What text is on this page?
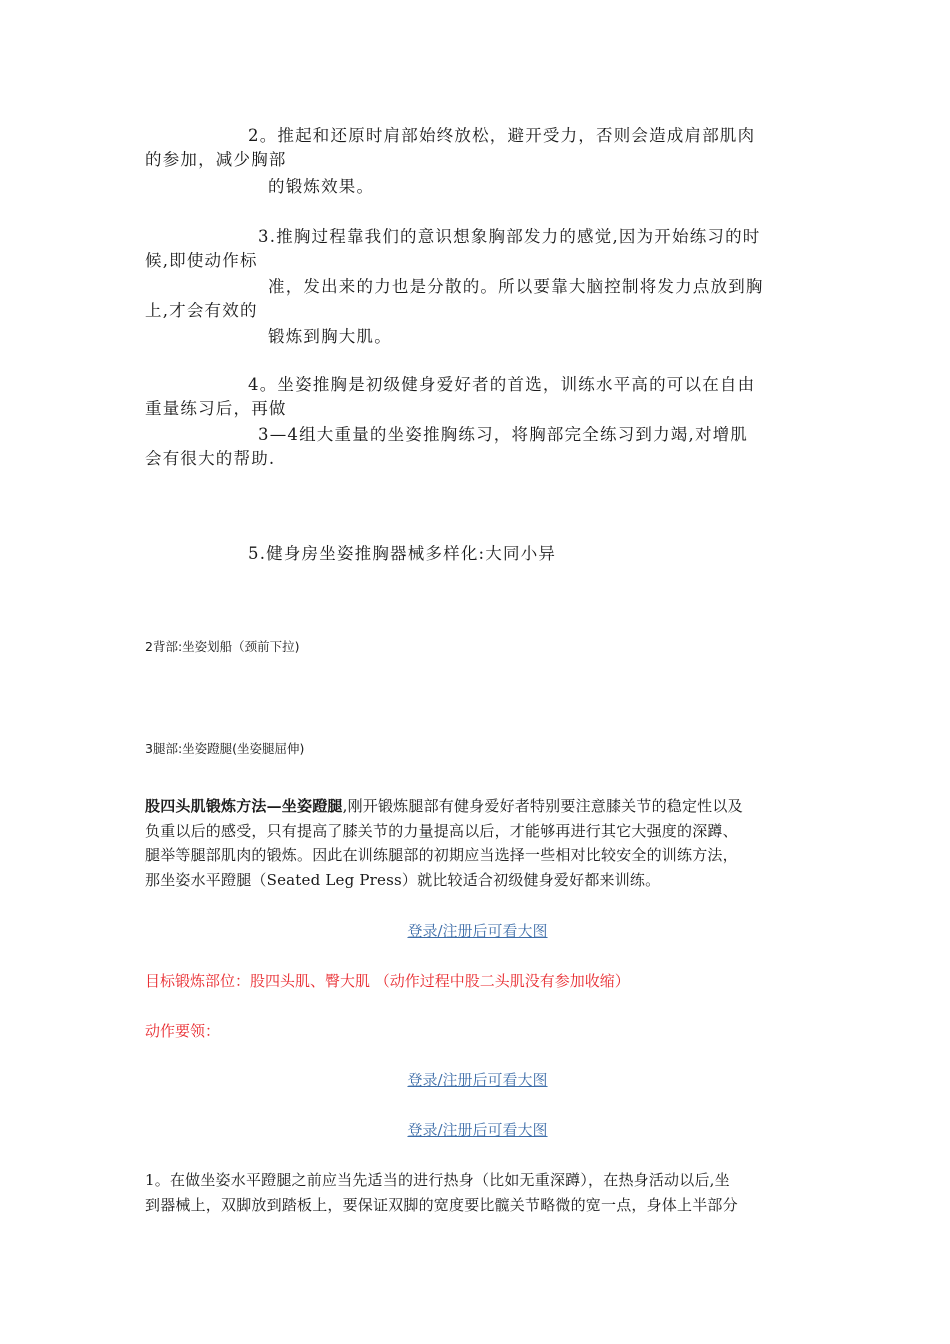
2。推起和还原时肩部始终放松，避开受力，否则会造成肩部肌肉
的参加，减少胸部
的锻炼效果。
3.推胸过程靠我们的意识想象胸部发力的感觉,因为开始练习的时
候,即使动作标
准，发出来的力也是分散的。所以要靠大脑控制将发力点放到胸
上,才会有效的
锻炼到胸大肌。
4。坐姿推胸是初级健身爱好者的首选，训练水平高的可以在自由
重量练习后，再做
3—4组大重量的坐姿推胸练习，将胸部完全练习到力竭,对增肌
会有很大的帮助.
5.健身房坐姿推胸器械多样化:大同小异
2背部:坐姿划船（颈前下拉)
3腿部:坐姿蹬腿(坐姿腿屈伸)
股四头肌锻炼方法—坐姿蹬腿,刚开锻炼腿部有健身爱好者特别要注意膝关节的稳定性以及
负重以后的感受，只有提高了膝关节的力量提高以后，才能够再进行其它大强度的深蹲、
腿举等腿部肌肉的锻炼。因此在训练腿部的初期应当选择一些相对比较安全的训练方法，
那坐姿水平蹬腿（Seated Leg Press）就比较适合初级健身爱好都来训练。
登录/注册后可看大图
目标锻炼部位：股四头肌、臀大肌 （动作过程中股二头肌没有参加收缩）
动作要领：
登录/注册后可看大图
登录/注册后可看大图
1。在做坐姿水平蹬腿之前应当先适当的进行热身（比如无重深蹲），在热身活动以后,坐
到器械上，双脚放到踏板上，要保证双脚的宽度要比髋关节略微的宽一点，身体上半部分
